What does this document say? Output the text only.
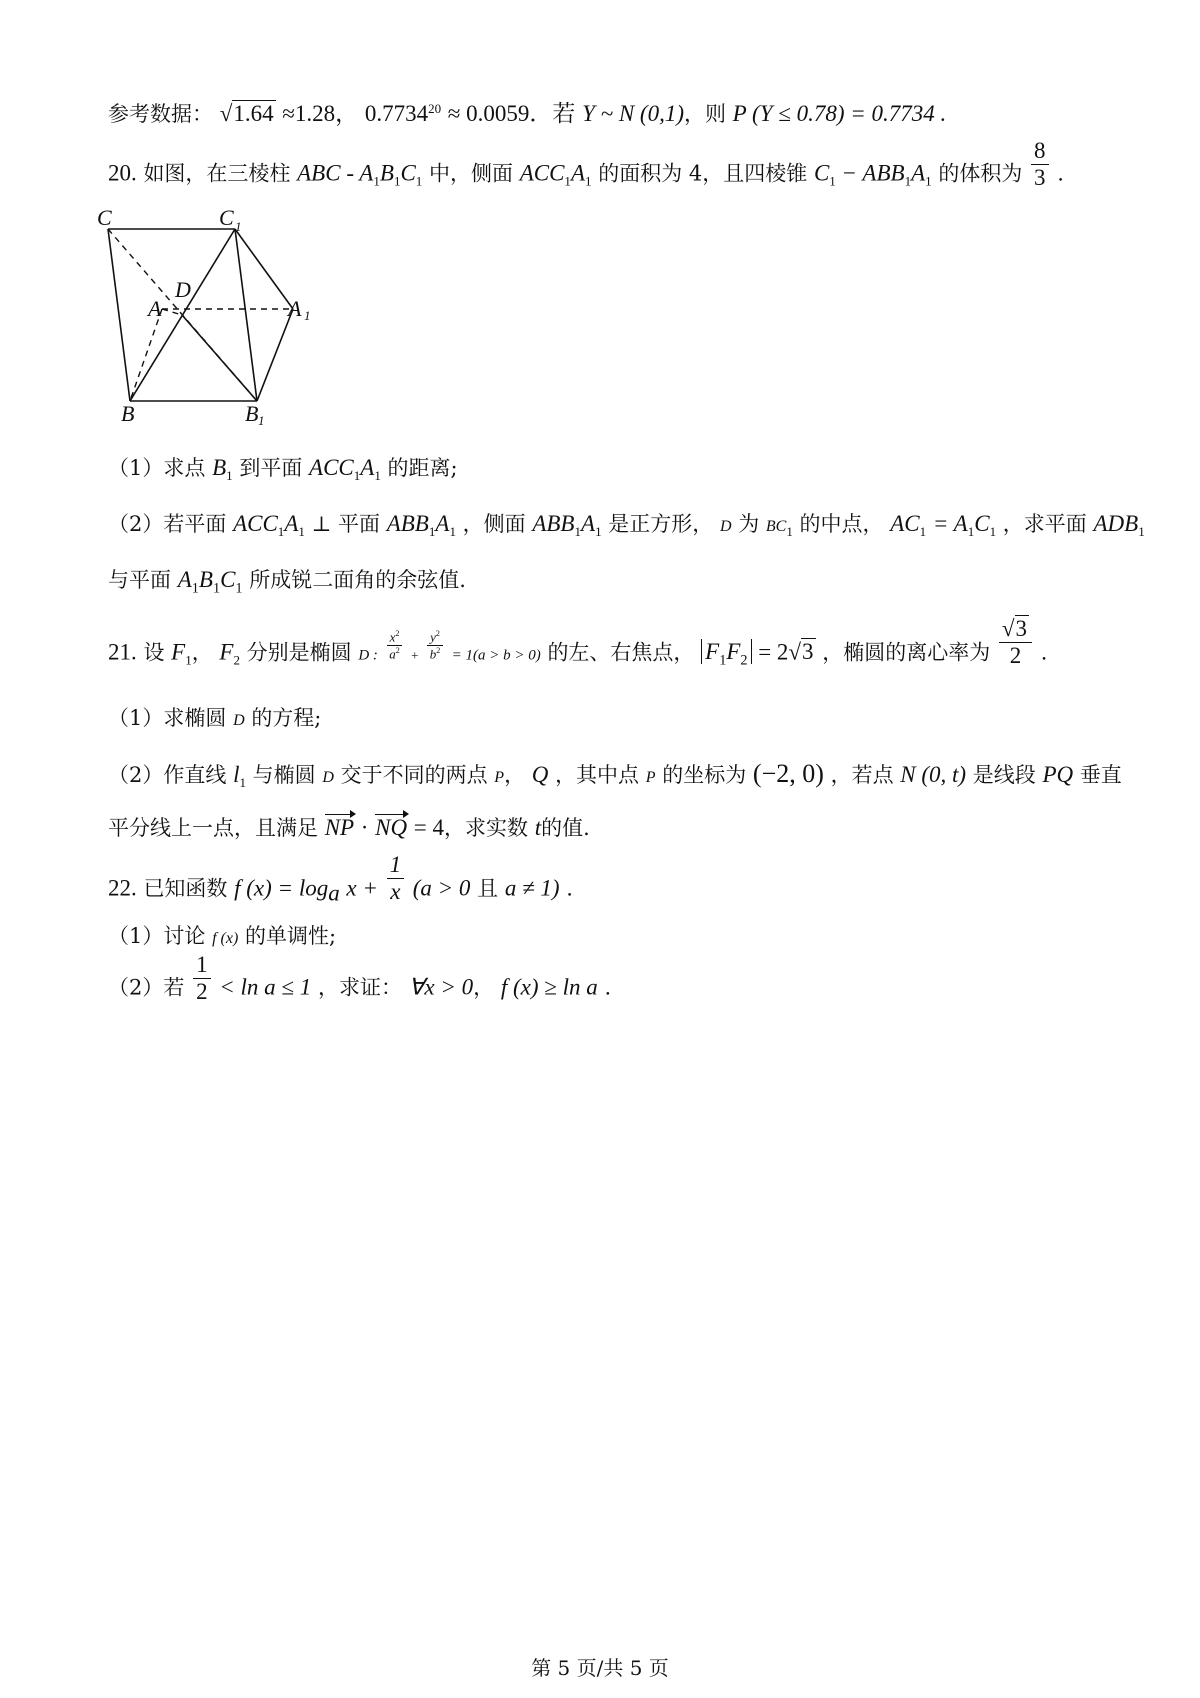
参考数据： √1.64 ≈1.28， $0.7734^{20} \approx 0.0059$．若 Y ~ N (0,1)，则 P (Y ≤ 0.78) = 0.7734 .
20. 如图，在三棱柱 ABC - $A_1B_1C_1$ 中，侧面 $ACC_1A_1$ 的面积为 4，且四棱锥 $C_1 - ABB_1A_1$ 的体积为 $\frac{8}{3}$ .
C	C 1
D
A	A 1
B	B 1
（1）求点 $B_1$ 到平面 $ACC_1A_1$ 的距离;
（2）若平面 $ACC_1A_1$ ⊥ 平面 $ABB_1A_1$ ，侧面 $ABB_1A_1$ 是正方形， D 为 $BC_1$ 的中点， $AC_1 = A_1C_1$ ，求平面 $ADB_1$
与平面 $A_1B_1C_1$ 所成锐二面角的余弦值.
21. 设 $F_1$， $F_2$ 分别是椭圆 D : $\frac{x^2}{a^2} + \frac{y^2}{b^2} = 1(a > b > 0)$ 的左、右焦点， $F_1F_2 = 2√3$ ，椭圆的离心率为 $\frac{√3}{2}$ .
（1）求椭圆 D 的方程;
（2）作直线 $l_1$ 与椭圆 D 交于不同的两点 P， Q ，其中点 P 的坐标为 (−2, 0) ，若点 N (0, t) 是线段 PQ 垂直
平分线上一点，且满足 NP · NQ = 4，求实数 t的值.
22. 已知函数 f $(x) = \log_a x + \frac{1}{x} (a > 0$ 且 a ≠ 1) .
（1）讨论 f (x) 的单调性;
（2）若 $\frac{1}{2} < \ln a \le 1$ ，求证： ∀x > 0， f (x) ≥ ln a .
第 5 页/共 5 页
